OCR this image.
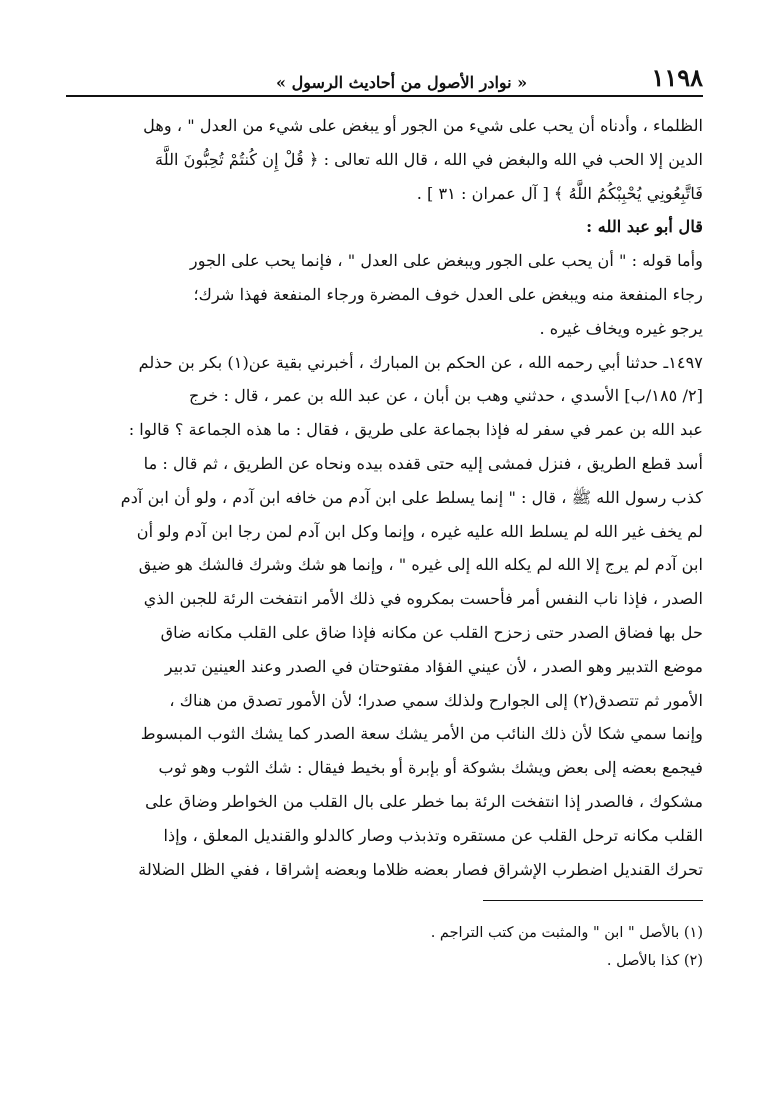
١١٩٨
« نوادر الأصول من أحاديث الرسول »
الظلماء ، وأدناه أن يحب على شيء من الجور أو يبغض على شيء من العدل " ، وهل
الدين إلا الحب في الله والبغض في الله ، قال الله تعالى : ﴿ قُلْ إِن كُنتُمْ تُحِبُّونَ اللَّهَ
فَاتَّبِعُونِي يُحْبِبْكُمُ اللَّهُ ﴾ [ آل عمران : ٣١ ] .
قال أبو عبد الله :
وأما قوله : " أن يحب على الجور ويبغض على العدل " ، فإنما يحب على الجور
رجاء المنفعة منه ويبغض على العدل خوف المضرة ورجاء المنفعة فهذا شرك؛
يرجو غيره ويخاف غيره .
١٤٩٧ـ حدثنا أبي رحمه الله ، عن الحكم بن المبارك ، أخبرني بقية عن(١) بكر بن حذلم
[٢/ ١٨٥/ب] الأسدي ، حدثني وهب بن أبان ، عن عبد الله بن عمر ، قال : خرج
عبد الله بن عمر في سفر له فإذا بجماعة على طريق ، فقال : ما هذه الجماعة ؟ قالوا :
أسد قطع الطريق ، فنزل فمشى إليه حتى قفده بيده ونحاه عن الطريق ، ثم قال : ما
كذب رسول الله ﷺ ، قال : " إنما يسلط على ابن آدم من خافه ابن آدم ، ولو أن ابن آدم
لم يخف غير الله لم يسلط الله عليه غيره ، وإنما وكل ابن آدم لمن رجا ابن آدم ولو أن
ابن آدم لم يرج إلا الله لم يكله الله إلى غيره " ، وإنما هو شك وشرك فالشك هو ضيق
الصدر ، فإذا ناب النفس أمر فأحست بمكروه في ذلك الأمر انتفخت الرئة للجبن الذي
حل بها فضاق الصدر حتى زحزح القلب عن مكانه فإذا ضاق على القلب مكانه ضاق
موضع التدبير وهو الصدر ، لأن عيني الفؤاد مفتوحتان في الصدر وعند العينين تدبير
الأمور ثم تتصدق(٢) إلى الجوارح ولذلك سمي صدرا؛ لأن الأمور تصدق من هناك ،
وإنما سمي شكا لأن ذلك النائب من الأمر يشك سعة الصدر كما يشك الثوب المبسوط
فيجمع بعضه إلى بعض ويشك بشوكة أو بإبرة أو بخيط فيقال : شك الثوب وهو ثوب
مشكوك ، فالصدر إذا انتفخت الرئة بما خطر على بال القلب من الخواطر وضاق على
القلب مكانه ترحل القلب عن مستقره وتذبذب وصار كالدلو والقنديل المعلق ، وإذا
تحرك القنديل اضطرب الإشراق فصار بعضه ظلاما وبعضه إشراقا ، ففي الظل الضلالة
(١) بالأصل " ابن " والمثبت من كتب التراجم .
(٢) كذا بالأصل .
